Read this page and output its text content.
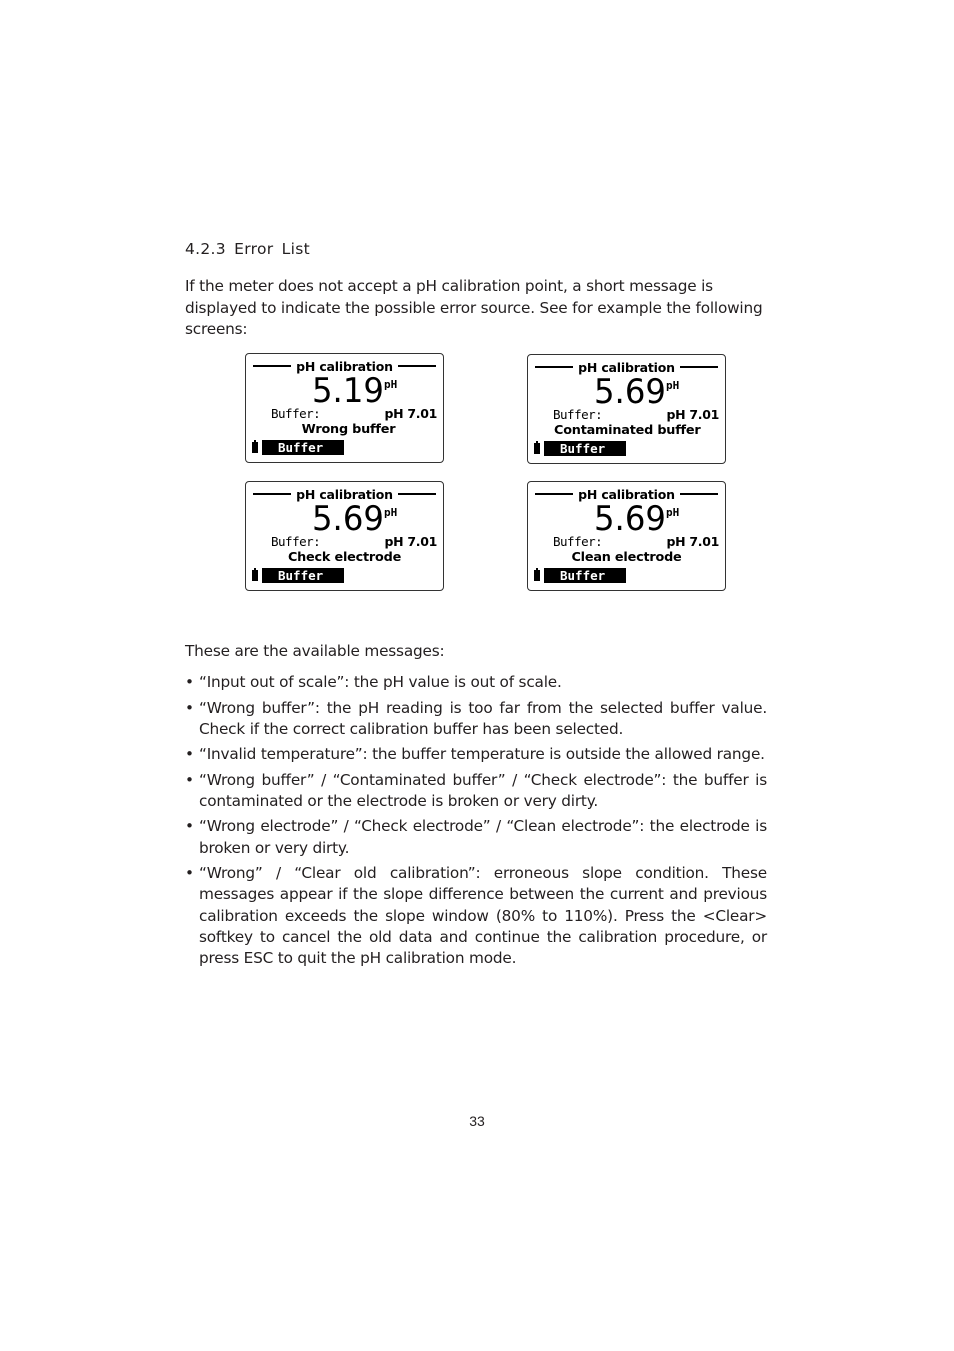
4.2.3 Error List
If the meter does not accept a pH calibration point, a short message is displayed to indicate the possible error source. See for example the following screens:
pH calibration
5.19 pH
Buffer:	pH 7.01
Wrong buffer
Buffer
pH calibration
5.69 pH
Buffer:	pH 7.01
Contaminated buffer
Buffer
pH calibration
5.69 pH
Buffer:	pH 7.01
Check electrode
Buffer
pH calibration
5.69 pH
Buffer:	pH 7.01
Clean electrode
Buffer
These are the available messages:
• “Input out of scale”: the pH value is out of scale.
• “Wrong buffer”: the pH reading is too far from the selected buffer value. Check if the correct calibration buffer has been selected.
• “Invalid temperature”: the buffer temperature is outside the allowed range.
• “Wrong buffer” / “Contaminated buffer” / “Check electrode”: the buffer is contaminated or the electrode is broken or very dirty.
• “Wrong electrode” / “Check electrode” / “Clean electrode”: the electrode is broken or very dirty.
• “Wrong” / “Clear old calibration”: erroneous slope condition. These messages appear if the slope difference between the current and previous calibration exceeds the slope window (80% to 110%). Press the <Clear> softkey to cancel the old data and continue the calibration procedure, or press ESC to quit the pH calibration mode.
33
